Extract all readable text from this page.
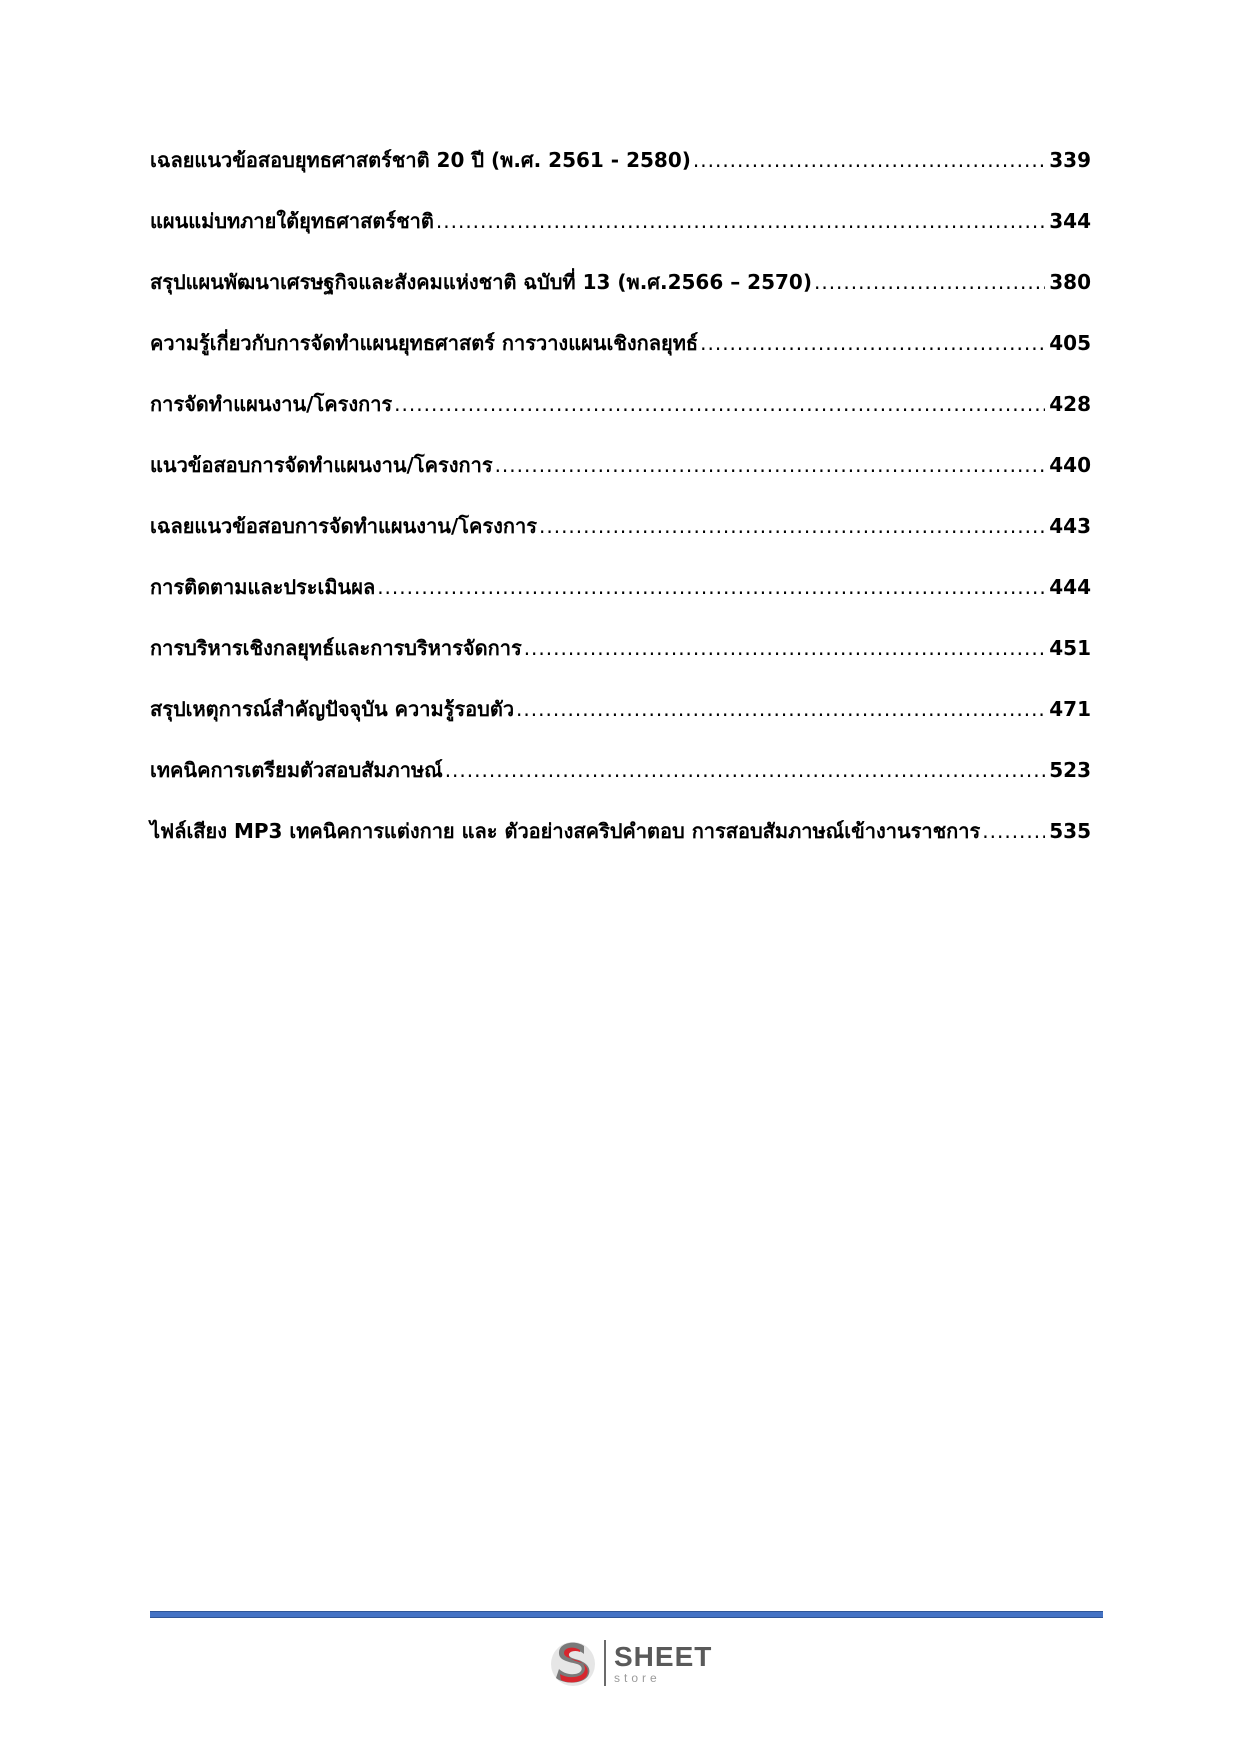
เฉลยแนวข้อสอบยุทธศาสตร์ชาติ 20 ปี (พ.ศ. 2561 - 2580) .....	339
แผนแม่บทภายใต้ยุทธศาสตร์ชาติ .....	344
สรุปแผนพัฒนาเศรษฐกิจและสังคมแห่งชาติ ฉบับที่ 13 (พ.ศ.2566 – 2570) .....	380
ความรู้เกี่ยวกับการจัดทำแผนยุทธศาสตร์ การวางแผนเชิงกลยุทธ์ .....	405
การจัดทำแผนงาน/โครงการ .....	428
แนวข้อสอบการจัดทำแผนงาน/โครงการ .....	440
เฉลยแนวข้อสอบการจัดทำแผนงาน/โครงการ .....	443
การติดตามและประเมินผล .....	444
การบริหารเชิงกลยุทธ์และการบริหารจัดการ .....	451
สรุปเหตุการณ์สำคัญปัจจุบัน ความรู้รอบตัว .....	471
เทคนิคการเตรียมตัวสอบสัมภาษณ์ .....	523
ไฟล์เสียง MP3 เทคนิคการแต่งกาย และ ตัวอย่างสคริปคำตอบ การสอบสัมภาษณ์เข้างานราชการ .....	535
SHEET
store
